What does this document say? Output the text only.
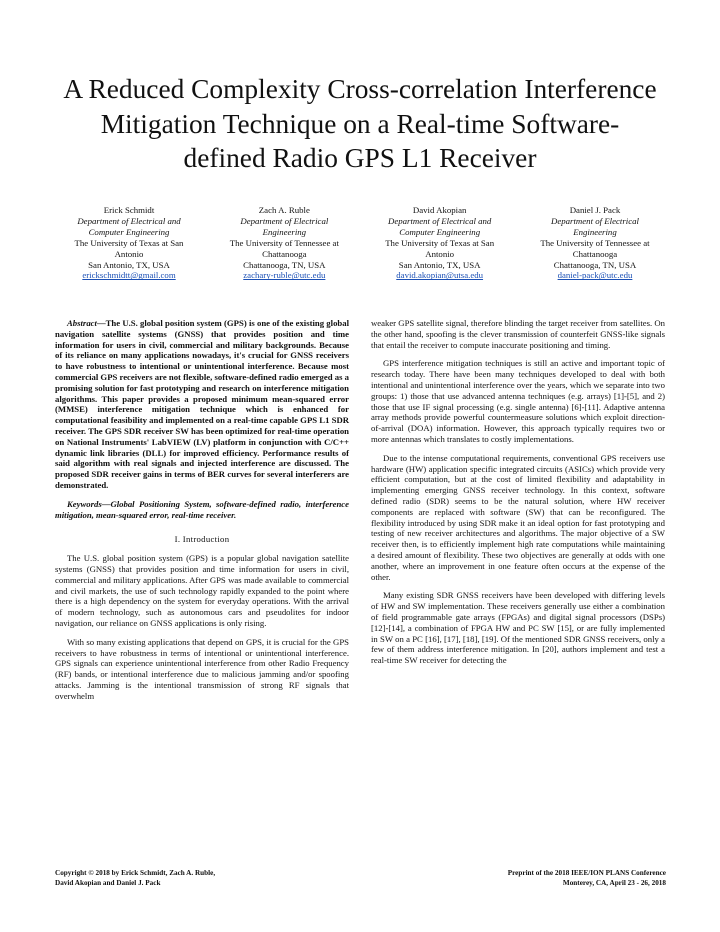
A Reduced Complexity Cross-correlation Interference
Mitigation Technique on a Real-time Software-
defined Radio GPS L1 Receiver
Erick Schmidt
Department of Electrical and
Computer Engineering
The University of Texas at San
Antonio
San Antonio, TX, USA
erickschmidtt@gmail.com
Zach A. Ruble
Department of Electrical
Engineering
The University of Tennessee at
Chattanooga
Chattanooga, TN, USA
zachary-ruble@utc.edu
David Akopian
Department of Electrical and
Computer Engineering
The University of Texas at San
Antonio
San Antonio, TX, USA
david.akopian@utsa.edu
Daniel J. Pack
Department of Electrical
Engineering
The University of Tennessee at
Chattanooga
Chattanooga, TN, USA
daniel-pack@utc.edu

Abstract—The U.S. global position system (GPS) is one of the existing global navigation satellite systems (GNSS) that provides position and time information for users in civil, commercial and military backgrounds. Because of its reliance on many applications nowadays, it's crucial for GNSS receivers to have robustness to intentional or unintentional interference. Because most commercial GPS receivers are not flexible, software-defined radio emerged as a promising solution for fast prototyping and research on interference mitigation algorithms. This paper provides a proposed minimum mean-squared error (MMSE) interference mitigation technique which is enhanced for computational feasibility and implemented on a real-time capable GPS L1 SDR receiver. The GPS SDR receiver SW has been optimized for real-time operation on National Instruments' LabVIEW (LV) platform in conjunction with C/C++ dynamic link libraries (DLL) for improved efficiency. Performance results of said algorithm with real signals and injected interference are discussed. The proposed SDR receiver gains in terms of BER curves for several interferers are demonstrated.

Keywords—Global Positioning System, software-defined radio, interference mitigation, mean-squared error, real-time receiver.

I. Introduction

The U.S. global position system (GPS) is a popular global navigation satellite systems (GNSS) that provides position and time information for users in civil, commercial and military applications. After GPS was made available to commercial and civil markets, the use of such technology rapidly expanded to the point where there is a high dependency on the system for everyday operations. With the arrival of modern technology, such as autonomous cars and pseudolites for indoor navigation, our reliance on GNSS applications is only rising.

With so many existing applications that depend on GPS, it is crucial for the GPS receivers to have robustness in terms of intentional or unintentional interference. GPS signals can experience unintentional interference from other Radio Frequency (RF) bands, or intentional interference due to malicious jamming and/or spoofing attacks. Jamming is the intentional transmission of strong RF signals that overwhelm

weaker GPS satellite signal, therefore blinding the target receiver from satellites. On the other hand, spoofing is the clever transmission of counterfeit GNSS-like signals that entail the receiver to compute inaccurate positioning and timing.

GPS interference mitigation techniques is still an active and important topic of research today. There have been many techniques developed to deal with both intentional and unintentional interference over the years, which we separate into two groups: 1) those that use advanced antenna techniques (e.g. arrays) [1]-[5], and 2) those that use IF signal processing (e.g. single antenna) [6]-[11]. Adaptive antenna array methods provide powerful countermeasure solutions which exploit direction-of-arrival (DOA) information. However, this approach typically requires two or more antennas which translates to costly implementations.

Due to the intense computational requirements, conventional GPS receivers use hardware (HW) application specific integrated circuits (ASICs) which provide very efficient computation, but at the cost of limited flexibility and adaptability in implementing emerging GNSS receiver technology. In this context, software defined radio (SDR) seems to be the natural solution, where HW receiver components are replaced with software (SW) that can be reconfigured. The flexibility introduced by using SDR make it an ideal option for fast prototyping and testing of new receiver architectures and algorithms. The major objective of a SW receiver then, is to efficiently implement high rate computations while maintaining a desired amount of flexibility. These two objectives are generally at odds with one another, where an improvement in one feature often occurs at the expense of the other.

Many existing SDR GNSS receivers have been developed with differing levels of HW and SW implementation. These receivers generally use either a combination of field programmable gate arrays (FPGAs) and digital signal processors (DSPs) [12]-[14], a combination of FPGA HW and PC SW [15], or are fully implemented in SW on a PC [16], [17], [18], [19]. Of the mentioned SDR GNSS receivers, only a few of them address interference mitigation. In [20], authors implement and test a real-time SW receiver for detecting the

Copyright © 2018 by Erick Schmidt, Zach A. Ruble,
David Akopian and Daniel J. Pack
Preprint of the 2018 IEEE/ION PLANS Conference
Monterey, CA, April 23 - 26, 2018
